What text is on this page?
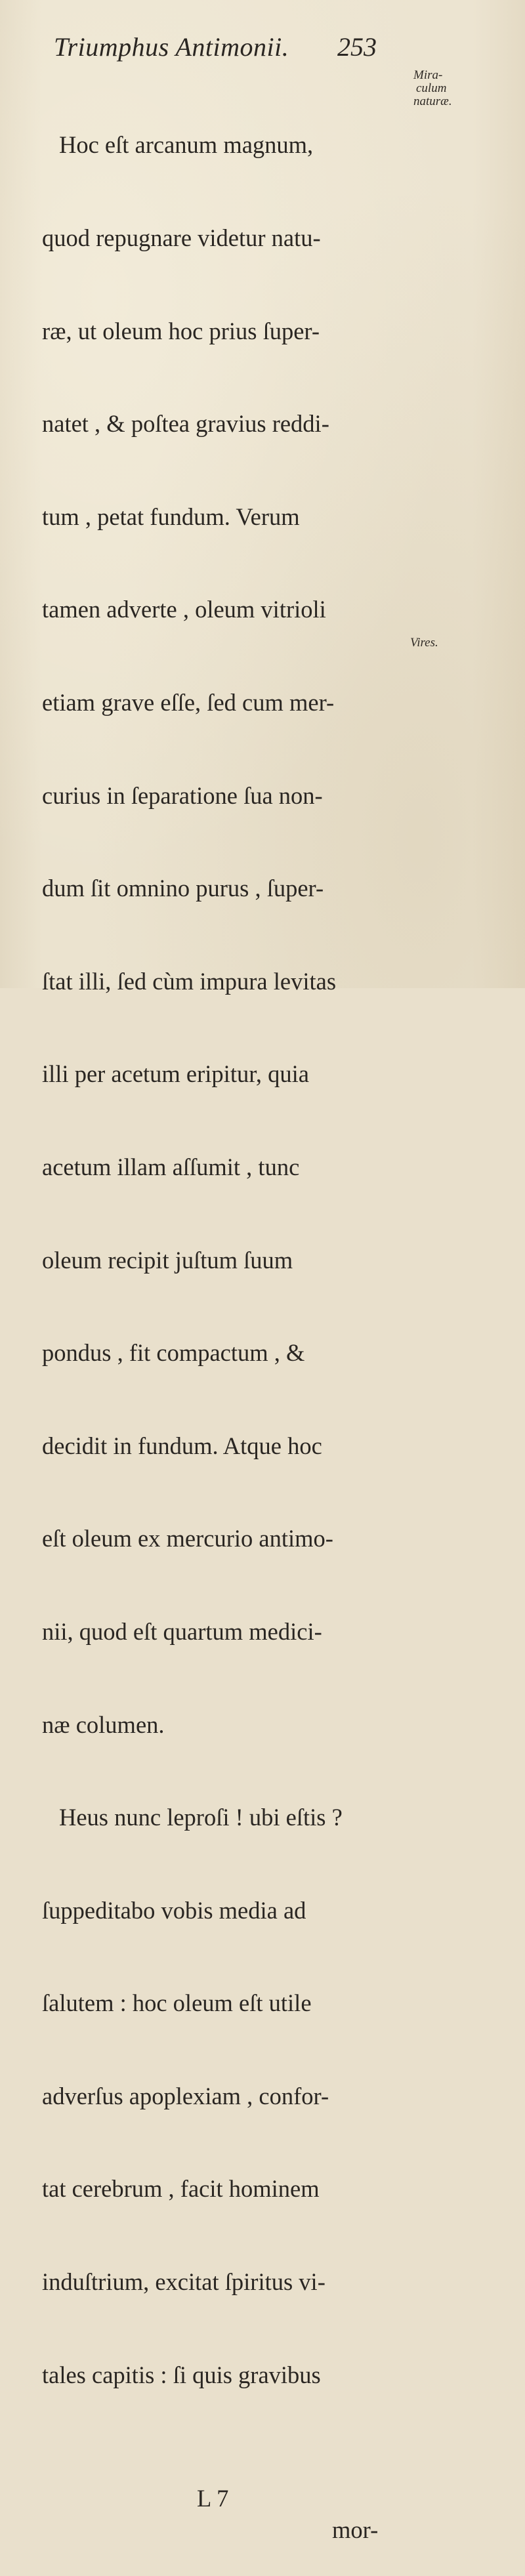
Triumphus Antimonii. 253
Mira-
culum
naturæ.
Vires.

Hoc eſt arcanum magnum,

quod repugnare videtur natu-

ræ, ut oleum hoc prius ſuper-

natet , & poſtea gravius reddi-

tum , petat fundum. Verum

tamen adverte , oleum vitrioli

etiam grave eſſe, ſed cum mer-

curius in ſeparatione ſua non-

dum ſit omnino purus , ſuper-

ſtat illi, ſed cùm impura levitas

illi per acetum eripitur, quia

acetum illam aſſumit , tunc

oleum recipit juſtum ſuum

pondus , fit compactum , &

decidit in fundum. Atque hoc

eſt oleum ex mercurio antimo-

nii, quod eſt quartum medici-

næ columen.

Heus nunc leproſi ! ubi eſtis ?

ſuppeditabo vobis media ad

ſalutem : hoc oleum eſt utile

adverſus apoplexiam , confor-

tat cerebrum , facit hominem

induſtrium, excitat ſpiritus vi-

tales capitis : ſi quis gravibus

L 7

mor-
